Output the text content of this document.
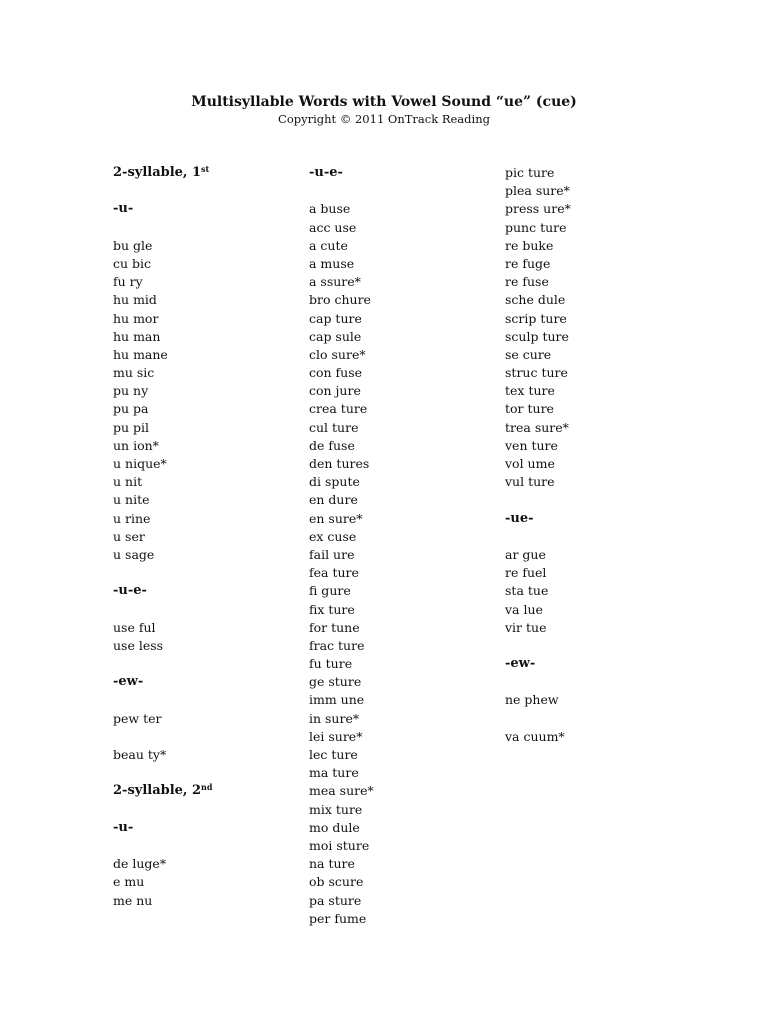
Multisyllable Words with Vowel Sound “ue” (cue)
Copyright © 2011 OnTrack Reading
2-syllable, 1st
-u-
bu gle
cu bic
fu ry
hu mid
hu mor
hu man
hu mane
mu sic
pu ny
pu pa
pu pil
un ion*
u nique*
u nit
u nite
u rine
u ser
u sage
-u-e-
use ful
use less
-ew-
pew ter
beau ty*
2-syllable, 2nd
-u-
de luge*
e mu
me nu
-u-e-
a buse
acc use
a cute
a muse
a ssure*
bro chure
cap ture
cap sule
clo sure*
con fuse
con jure
crea ture
cul ture
de fuse
den tures
di spute
en dure
en sure*
ex cuse
fail ure
fea ture
fi gure
fix ture
for tune
frac ture
fu ture
ge sture
imm une
in sure*
lei sure*
lec ture
ma ture
mea sure*
mix ture
mo dule
moi sture
na ture
ob scure
pa sture
per fume
pic ture
plea sure*
press ure*
punc ture
re buke
re fuge
re fuse
sche dule
scrip ture
sculp ture
se cure
struc ture
tex ture
tor ture
trea sure*
ven ture
vol ume
vul ture
-ue-
ar gue
re fuel
sta tue
va lue
vir tue
-ew-
ne phew
va cuum*
